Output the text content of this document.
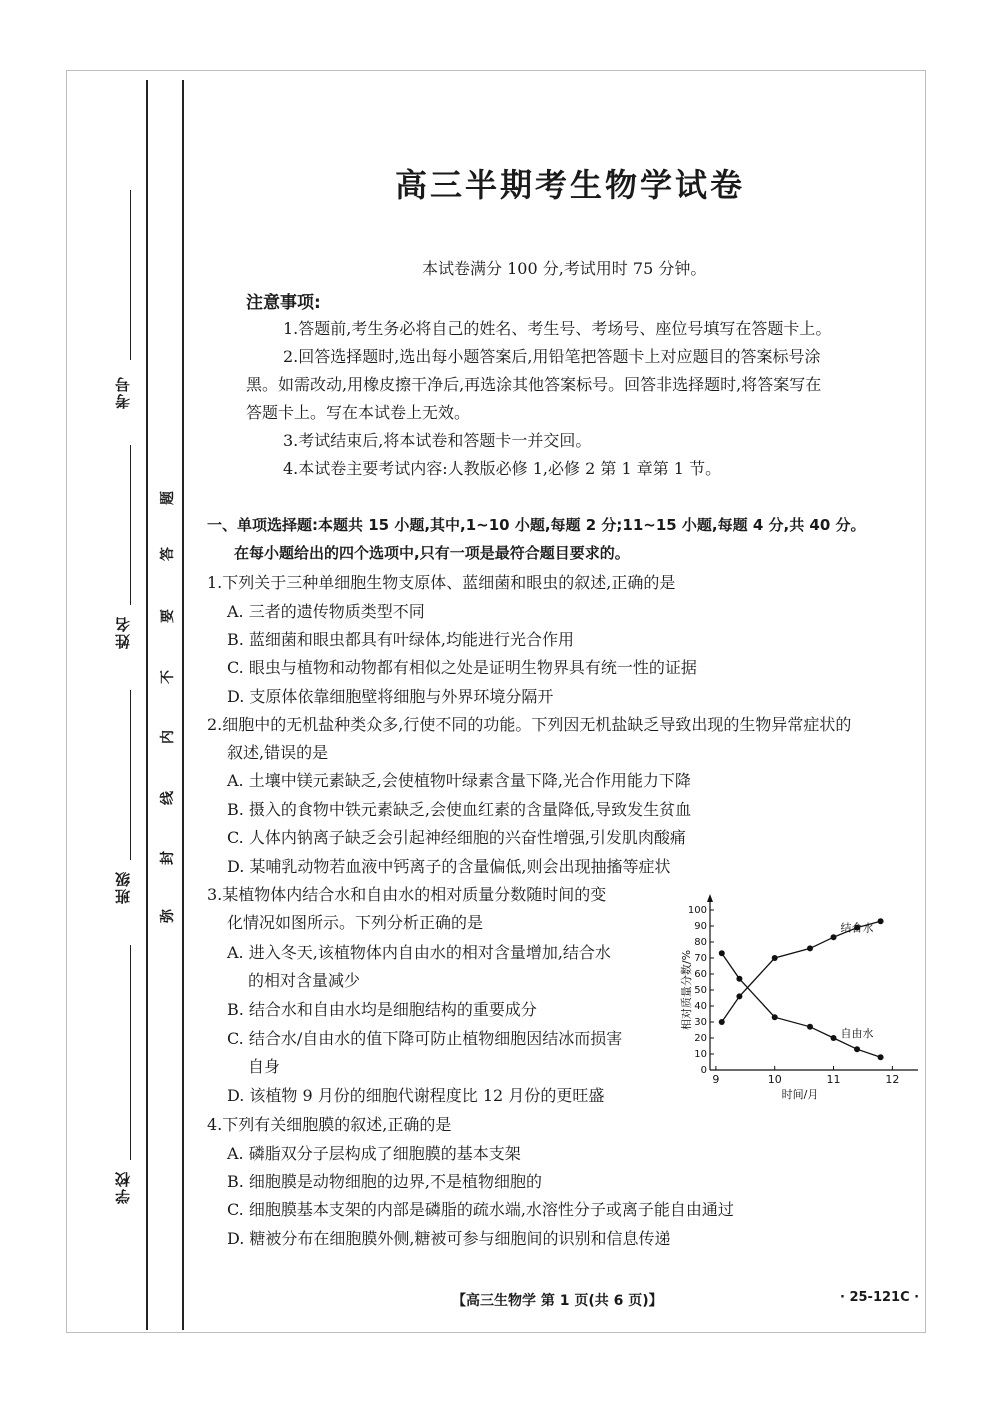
考号
姓名
班级
学校
题
答
要
不
内
线
封
弥
高三半期考生物学试卷
本试卷满分 100 分,考试用时 75 分钟。
注意事项:
1.答题前,考生务必将自己的姓名、考生号、考场号、座位号填写在答题卡上。
2.回答选择题时,选出每小题答案后,用铅笔把答题卡上对应题目的答案标号涂
黑。如需改动,用橡皮擦干净后,再选涂其他答案标号。回答非选择题时,将答案写在
答题卡上。写在本试卷上无效。
3.考试结束后,将本试卷和答题卡一并交回。
4.本试卷主要考试内容:人教版必修 1,必修 2 第 1 章第 1 节。
一、单项选择题:本题共 15 小题,其中,1~10 小题,每题 2 分;11~15 小题,每题 4 分,共 40 分。
在每小题给出的四个选项中,只有一项是最符合题目要求的。
1.下列关于三种单细胞生物支原体、蓝细菌和眼虫的叙述,正确的是
A. 三者的遗传物质类型不同
B. 蓝细菌和眼虫都具有叶绿体,均能进行光合作用
C. 眼虫与植物和动物都有相似之处是证明生物界具有统一性的证据
D. 支原体依靠细胞壁将细胞与外界环境分隔开
2.细胞中的无机盐种类众多,行使不同的功能。下列因无机盐缺乏导致出现的生物异常症状的
叙述,错误的是
A. 土壤中镁元素缺乏,会使植物叶绿素含量下降,光合作用能力下降
B. 摄入的食物中铁元素缺乏,会使血红素的含量降低,导致发生贫血
C. 人体内钠离子缺乏会引起神经细胞的兴奋性增强,引发肌肉酸痛
D. 某哺乳动物若血液中钙离子的含量偏低,则会出现抽搐等症状
3.某植物体内结合水和自由水的相对质量分数随时间的变
化情况如图所示。下列分析正确的是
A. 进入冬天,该植物体内自由水的相对含量增加,结合水
的相对含量减少
B. 结合水和自由水均是细胞结构的重要成分
C. 结合水/自由水的值下降可防止植物细胞因结冰而损害
自身
D. 该植物 9 月份的细胞代谢程度比 12 月份的更旺盛
0
10
20
30
40
50
60
70
80
90
100
9	10	11	12
相对质量分数/%
时间/月
结合水
自由水
4.下列有关细胞膜的叙述,正确的是
A. 磷脂双分子层构成了细胞膜的基本支架
B. 细胞膜是动物细胞的边界,不是植物细胞的
C. 细胞膜基本支架的内部是磷脂的疏水端,水溶性分子或离子能自由通过
D. 糖被分布在细胞膜外侧,糖被可参与细胞间的识别和信息传递
【高三生物学 第 1 页(共 6 页)】	· 25-121C ·
